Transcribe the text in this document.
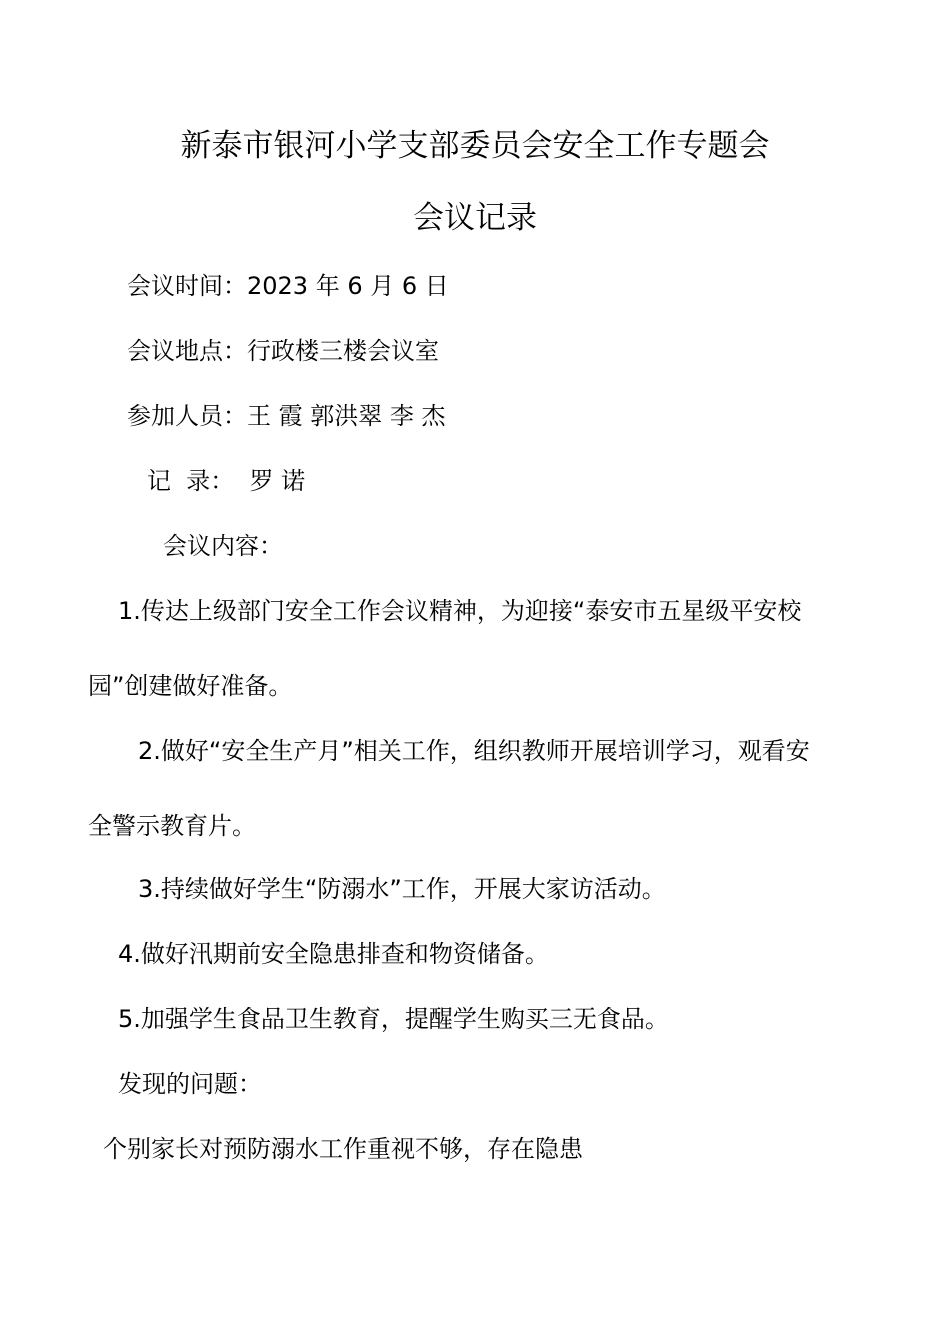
新泰市银河小学支部委员会安全工作专题会
会议记录
会议时间：2023 年 6 月 6 日
会议地点：行政楼三楼会议室
参加人员：王 霞 郭洪翠 李 杰
记  录：  罗 诺
会议内容：
1.传达上级部门安全工作会议精神，为迎接“泰安市五星级平安校
园”创建做好准备。
2.做好“安全生产月”相关工作，组织教师开展培训学习，观看安
全警示教育片。
3.持续做好学生“防溺水”工作，开展大家访活动。
4.做好汛期前安全隐患排查和物资储备。
5.加强学生食品卫生教育，提醒学生购买三无食品。
发现的问题：
个别家长对预防溺水工作重视不够，存在隐患
